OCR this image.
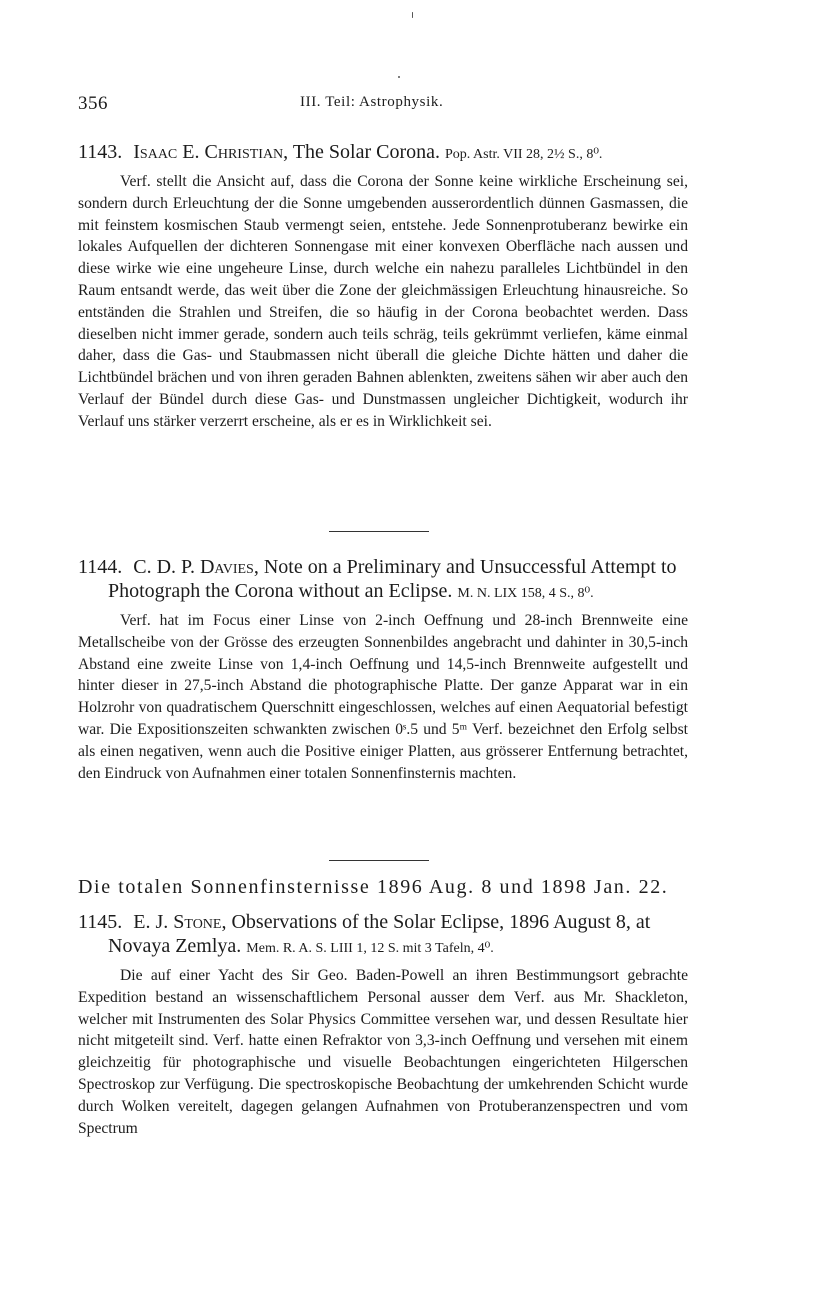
356	III. Teil: Astrophysik.

1143. Isaac E. Christian, The Solar Corona. Pop. Astr. VII 28, 2½ S., 8⁰.

Verf. stellt die Ansicht auf, dass die Corona der Sonne keine wirkliche Erscheinung sei, sondern durch Erleuchtung der die Sonne umgebenden ausserordentlich dünnen Gasmassen, die mit feinstem kosmischen Staub vermengt seien, entstehe. Jede Sonnenprotuberanz bewirke ein lokales Aufquellen der dichteren Sonnengase mit einer konvexen Oberfläche nach aussen und diese wirke wie eine ungeheure Linse, durch welche ein nahezu paralleles Lichtbündel in den Raum entsandt werde, das weit über die Zone der gleichmässigen Erleuchtung hinausreiche. So entständen die Strahlen und Streifen, die so häufig in der Corona beobachtet werden. Dass dieselben nicht immer gerade, sondern auch teils schräg, teils gekrümmt verliefen, käme einmal daher, dass die Gas- und Staubmassen nicht überall die gleiche Dichte hätten und daher die Lichtbündel brächen und von ihren geraden Bahnen ablenkten, zweitens sähen wir aber auch den Verlauf der Bündel durch diese Gas- und Dunstmassen ungleicher Dichtigkeit, wodurch ihr Verlauf uns stärker verzerrt erscheine, als er es in Wirklichkeit sei.

1144. C. D. P. Davies, Note on a Preliminary and Unsuccessful Attempt to Photograph the Corona without an Eclipse. M. N. LIX 158, 4 S., 8⁰.

Verf. hat im Focus einer Linse von 2-inch Oeffnung und 28-inch Brennweite eine Metallscheibe von der Grösse des erzeugten Sonnenbildes angebracht und dahinter in 30,5-inch Abstand eine zweite Linse von 1,4-inch Oeffnung und 14,5-inch Brennweite aufgestellt und hinter dieser in 27,5-inch Abstand die photographische Platte. Der ganze Apparat war in ein Holzrohr von quadratischem Querschnitt eingeschlossen, welches auf einen Aequatorial befestigt war. Die Expositionszeiten schwankten zwischen 0ˢ.5 und 5ᵐ Verf. bezeichnet den Erfolg selbst als einen negativen, wenn auch die Positive einiger Platten, aus grösserer Entfernung betrachtet, den Eindruck von Aufnahmen einer totalen Sonnenfinsternis machten.

Die totalen Sonnenfinsternisse 1896 Aug. 8 und 1898 Jan. 22.

1145. E. J. Stone, Observations of the Solar Eclipse, 1896 August 8, at Novaya Zemlya. Mem. R. A. S. LIII 1, 12 S. mit 3 Tafeln, 4⁰.

Die auf einer Yacht des Sir Geo. Baden-Powell an ihren Bestimmungsort gebrachte Expedition bestand an wissenschaftlichem Personal ausser dem Verf. aus Mr. Shackleton, welcher mit Instrumenten des Solar Physics Committee versehen war, und dessen Resultate hier nicht mitgeteilt sind. Verf. hatte einen Refraktor von 3,3-inch Oeffnung und versehen mit einem gleichzeitig für photographische und visuelle Beobachtungen eingerichteten Hilgerschen Spectroskop zur Verfügung. Die spectroskopische Beobachtung der umkehrenden Schicht wurde durch Wolken vereitelt, dagegen gelangen Aufnahmen von Protuberanzenspectren und vom Spectrum
